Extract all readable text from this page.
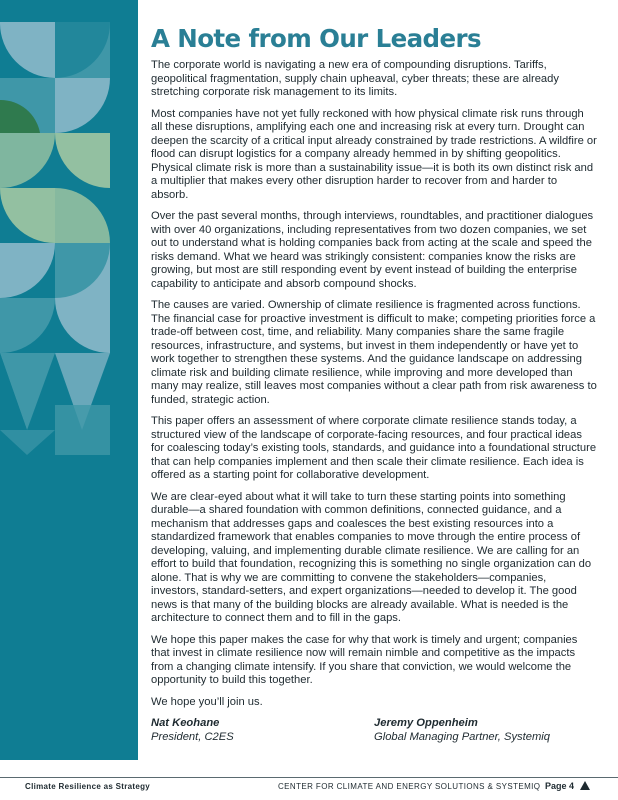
A Note from Our Leaders

The corporate world is navigating a new era of compounding disruptions. Tariffs, geopolitical fragmentation, supply chain upheaval, cyber threats; these are already stretching corporate risk management to its limits.

Most companies have not yet fully reckoned with how physical climate risk runs through all these disruptions, amplifying each one and increasing risk at every turn. Drought can deepen the scarcity of a critical input already constrained by trade restrictions. A wildfire or flood can disrupt logistics for a company already hemmed in by shifting geopolitics. Physical climate risk is more than a sustainability issue—it is both its own distinct risk and a multiplier that makes every other disruption harder to recover from and harder to absorb.

Over the past several months, through interviews, roundtables, and practitioner dialogues with over 40 organizations, including representatives from two dozen companies, we set out to understand what is holding companies back from acting at the scale and speed the risks demand. What we heard was strikingly consistent: companies know the risks are growing, but most are still responding event by event instead of building the enterprise capability to anticipate and absorb compound shocks.

The causes are varied. Ownership of climate resilience is fragmented across functions. The financial case for proactive investment is difficult to make; competing priorities force a trade-off between cost, time, and reliability. Many companies share the same fragile resources, infrastructure, and systems, but invest in them independently or have yet to work together to strengthen these systems. And the guidance landscape on addressing climate risk and building climate resilience, while improving and more developed than many may realize, still leaves most companies without a clear path from risk awareness to funded, strategic action.

This paper offers an assessment of where corporate climate resilience stands today, a structured view of the landscape of corporate-facing resources, and four practical ideas for coalescing today’s existing tools, standards, and guidance into a foundational structure that can help companies implement and then scale their climate resilience. Each idea is offered as a starting point for collaborative development.

We are clear-eyed about what it will take to turn these starting points into something durable—a shared foundation with common definitions, connected guidance, and a mechanism that addresses gaps and coalesces the best existing resources into a standardized framework that enables companies to move through the entire process of developing, valuing, and implementing durable climate resilience. We are calling for an effort to build that foundation, recognizing this is something no single organization can do alone. That is why we are committing to convene the stakeholders—companies, investors, standard-setters, and expert organizations—needed to develop it. The good news is that many of the building blocks are already available. What is needed is the architecture to connect them and to fill in the gaps.

We hope this paper makes the case for why that work is timely and urgent; companies that invest in climate resilience now will remain nimble and competitive as the impacts from a changing climate intensify. If you share that conviction, we would welcome the opportunity to build this together.

We hope you’ll join us.

Nat Keohane
President, C2ES
Jeremy Oppenheim
Global Managing Partner, Systemiq
Climate Resilience as Strategy	CENTER FOR CLIMATE AND ENERGY SOLUTIONS & SYSTEMIQ Page 4
